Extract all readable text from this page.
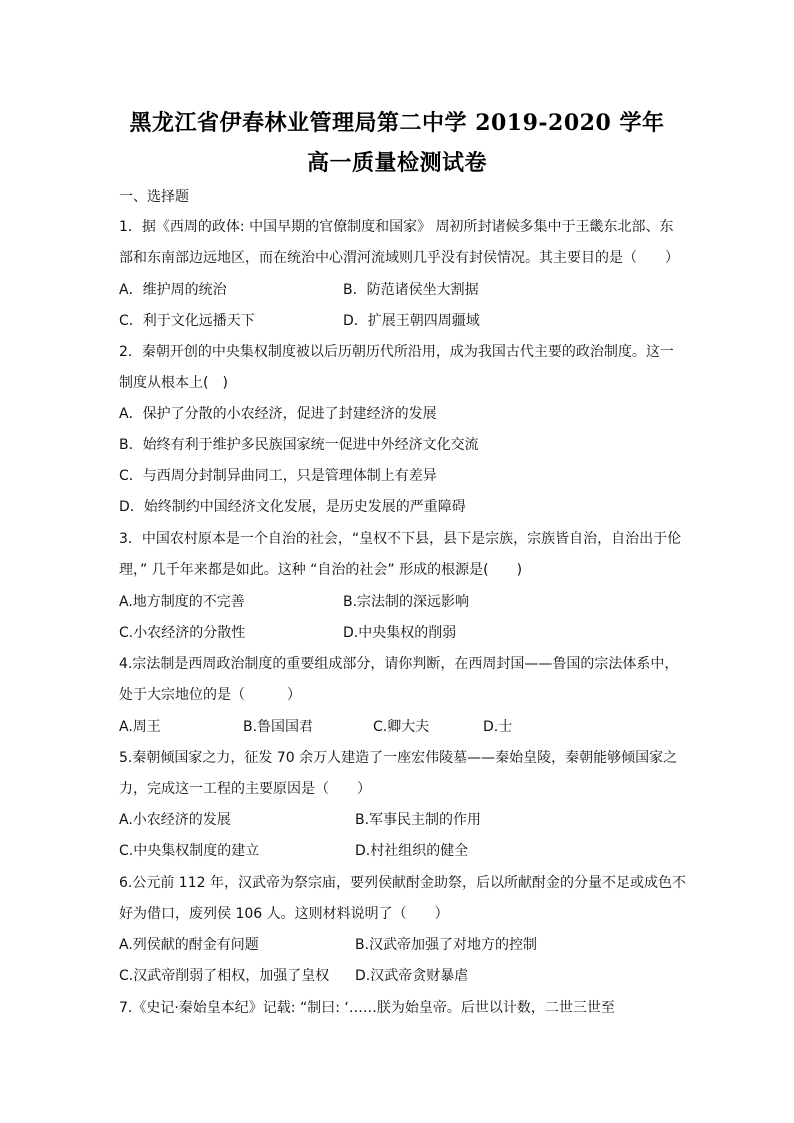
黑龙江省伊春林业管理局第二中学 2019-2020 学年
高一质量检测试卷
一、选择题
1．据《西周的政体: 中国早期的官僚制度和国家》 周初所封诸候多集中于王畿东北部、东
部和东南部边远地区，而在统治中心渭河流域则几乎没有封侯情况。其主要目的是（　　）
A．维护周的统治	B．防范诸侯坐大割据
C．利于文化远播天下	D．扩展王朝四周疆域
2．秦朝开创的中央集权制度被以后历朝历代所沿用，成为我国古代主要的政治制度。这一
制度从根本上(　)
A．保护了分散的小农经济，促进了封建经济的发展
B．始终有利于维护多民族国家统一促进中外经济文化交流
C．与西周分封制异曲同工，只是管理体制上有差异
D．始终制约中国经济文化发展，是历史发展的严重障碍
3．中国农村原本是一个自治的社会，“皇权不下县，县下是宗族，宗族皆自治，自治出于伦
理，” 几千年来都是如此。这种 “自治的社会” 形成的根源是(　　)
A.地方制度的不完善	B.宗法制的深远影响
C.小农经济的分散性	D.中央集权的削弱
4.宗法制是西周政治制度的重要组成部分，请你判断，在西周封国——鲁国的宗法体系中，
处于大宗地位的是（　　　）
A.周王	B.鲁国国君	C.卿大夫	D.士
5.秦朝倾国家之力，征发 70 余万人建造了一座宏伟陵墓——秦始皇陵，秦朝能够倾国家之
力，完成这一工程的主要原因是（　　）
A.小农经济的发展	B.军事民主制的作用
C.中央集权制度的建立	D.村社组织的健全
6.公元前 112 年，汉武帝为祭宗庙，要列侯献酎金助祭，后以所献酎金的分量不足或成色不
好为借口，废列侯 106 人。这则材料说明了（　　）
A.列侯献的酎金有问题	B.汉武帝加强了对地方的控制
C.汉武帝削弱了相权，加强了皇权 D.汉武帝贪财暴虐
7.《史记·秦始皇本纪》记载: “制曰: ‘……朕为始皇帝。后世以计数，二世三世至
